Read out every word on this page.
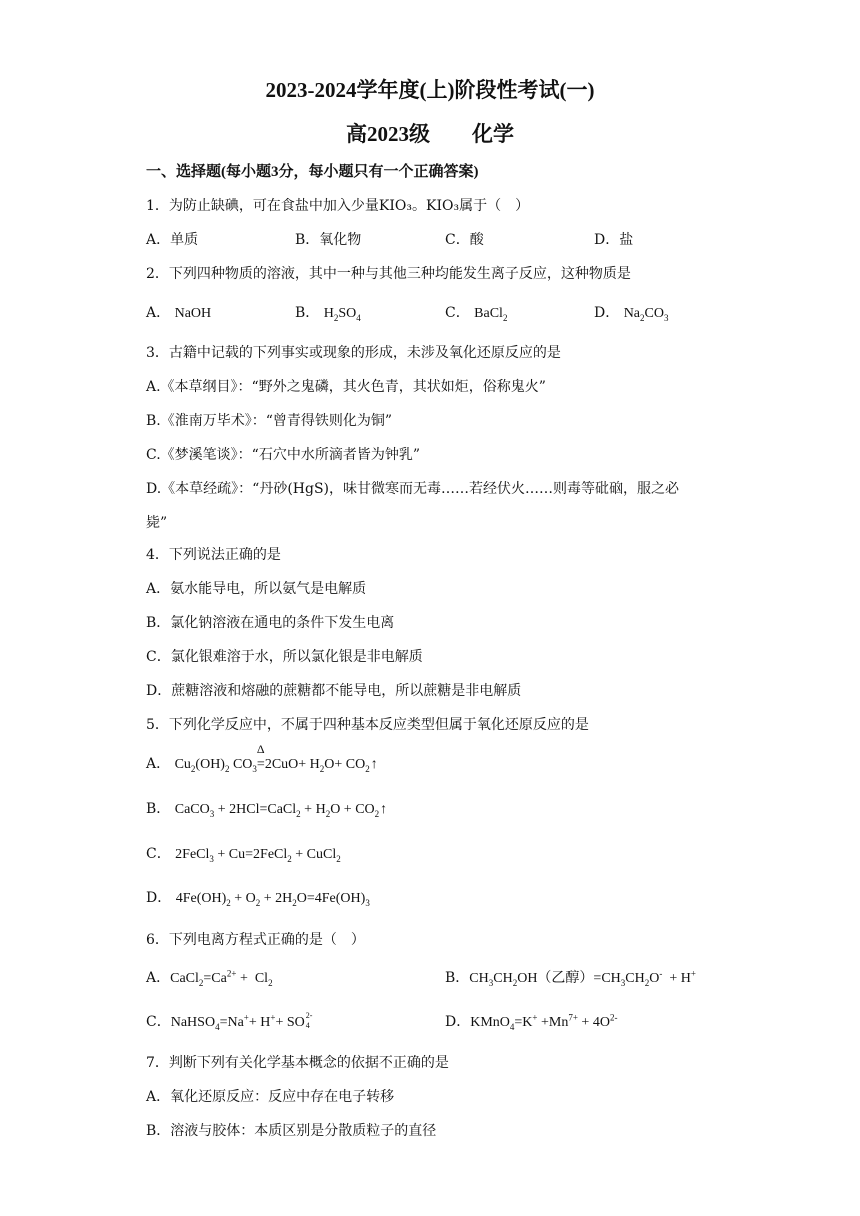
2023-2024学年度(上)阶段性考试(一)
高2023级　　化学
一、选择题(每小题3分，每小题只有一个正确答案)
1．为防止缺碘，可在食盐中加入少量KIO₃。KIO₃属于（　）
A．单质	B．氧化物	C．酸	D．盐
2．下列四种物质的溶液，其中一种与其他三种均能发生离子反应，这种物质是
A． NaOH	B． $H_2SO_4$	C． BaCl$_2$	D． $Na_2CO_3$
3．古籍中记载的下列事实或现象的形成，未涉及氧化还原反应的是
A.《本草纲目》：“野外之鬼磷，其火色青，其状如炬，俗称鬼火”
B.《淮南万毕术》：“曾青得铁则化为铜”
C.《梦溪笔谈》：“石穴中水所滴者皆为钟乳”
D.《本草经疏》：“丹砂(HgS)，味甘微寒而无毒……若经伏火……则毒等砒硇，服之必
毙”
4．下列说法正确的是
A．氨水能导电，所以氨气是电解质
B．氯化钠溶液在通电的条件下发生电离
C．氯化银难溶于水，所以氯化银是非电解质
D．蔗糖溶液和熔融的蔗糖都不能导电，所以蔗糖是非电解质
5．下列化学反应中，不属于四种基本反应类型但属于氧化还原反应的是
A． $Cu_2(OH)_2$ $CO_3$
Δ
$=2CuO+ H_2O+$ $CO_2↑$
B． CaCO$_3$ + 2HCl=CaCl$_2$ + $H_2O$ + $CO_2↑$
C． 2FeCl$_3$ + Cu=2FeCl$_2$ + CuCl$_2$
D． $4Fe(OH)_2 + O_2 + 2H_2O=4Fe(OH)_3$
6．下列电离方程式正确的是（　）
A．$CaCl_2=Ca^{2+} + Cl_2$	B．$CH_3CH_2OH$（乙醇）$=CH_3CH_2O^- + H^+$
C．NaHSO$_4$=Na++ H++ SO 2-
4	D．KMnO$_4$=K+ $+Mn^{7+} + 4O^{2-}$
7．判断下列有关化学基本概念的依据不正确的是
A．氧化还原反应：反应中存在电子转移
B．溶液与胶体：本质区别是分散质粒子的直径
